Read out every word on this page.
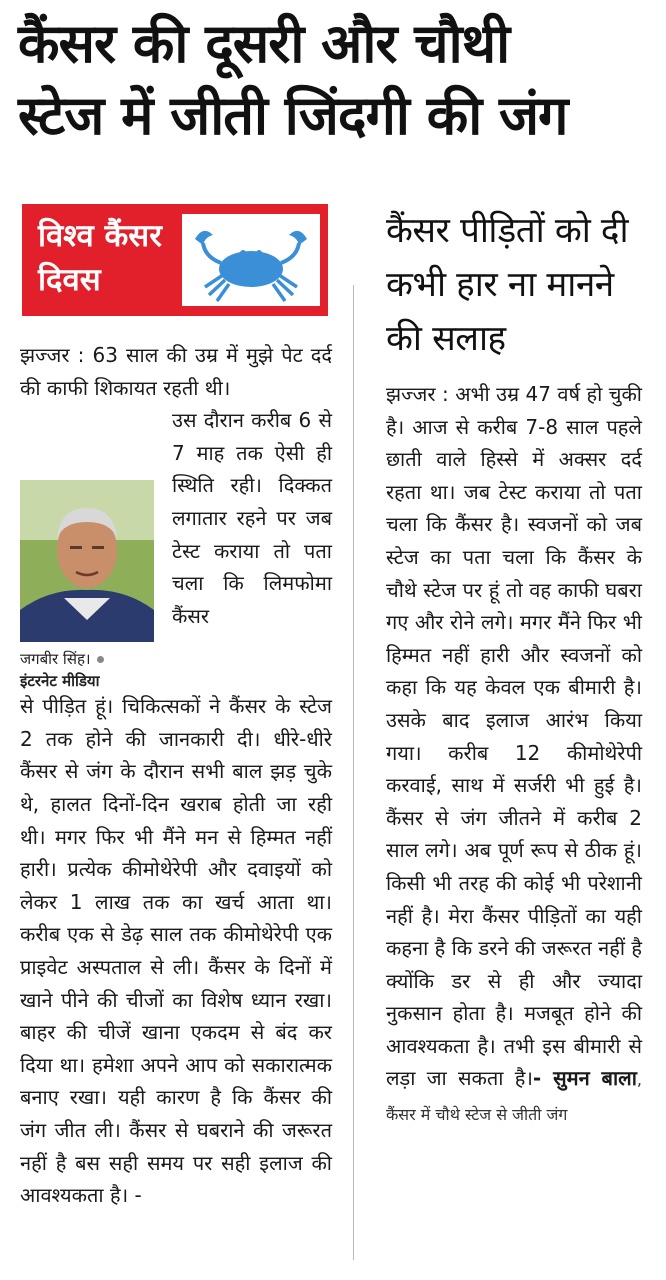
कैंसर की दूसरी और चौथी
स्टेज में जीती जिंदगी की जंग
विश्व कैंसर
दिवस

झज्जर : 63 साल की उम्र में मुझे पेट दर्द की काफी शिकायत रहती थी।

जगबीर सिंह।
इंटरनेट मीडिया

उस दौरान करीब 6 से 7 माह तक ऐसी ही स्थिति रही। दिक्कत लगातार रहने पर जब टेस्ट कराया तो पता चला कि लिमफोमा कैंसर

से पीड़ित हूं। चिकित्सकों ने कैंसर के स्टेज 2 तक होने की जानकारी दी। धीरे-धीरे कैंसर से जंग के दौरान सभी बाल झड़ चुके थे, हालत दिनों-दिन खराब होती जा रही थी। मगर फिर भी मैंने मन से हिम्मत नहीं हारी। प्रत्येक कीमोथेरेपी और दवाइयों को लेकर 1 लाख तक का खर्च आता था। करीब एक से डेढ़ साल तक कीमोथेरेपी एक प्राइवेट अस्पताल से ली। कैंसर के दिनों में खाने पीने की चीजों का विशेष ध्यान रखा। बाहर की चीजें खाना एकदम से बंद कर दिया था। हमेशा अपने आप को सकारात्मक बनाए रखा। यही कारण है कि कैंसर की जंग जीत ली। कैंसर से घबराने की जरूरत नहीं है बस सही समय पर सही इलाज की आवश्यकता है। -

कैंसर पीड़ितों को दी कभी हार ना मानने की सलाह

झज्जर : अभी उम्र 47 वर्ष हो चुकी है। आज से करीब 7-8 साल पहले छाती वाले हिस्से में अक्सर दर्द रहता था। जब टेस्ट कराया तो पता चला कि कैंसर है। स्वजनों को जब स्टेज का पता चला कि कैंसर के चौथे स्टेज पर हूं तो वह काफी घबरा गए और रोने लगे। मगर मैंने फिर भी हिम्मत नहीं हारी और स्वजनों को कहा कि यह केवल एक बीमारी है। उसके बाद इलाज आरंभ किया गया। करीब 12 कीमोथेरेपी करवाई, साथ में सर्जरी भी हुई है। कैंसर से जंग जीतने में करीब 2 साल लगे। अब पूर्ण रूप से ठीक हूं। किसी भी तरह की कोई भी परेशानी नहीं है। मेरा कैंसर पीड़ितों का यही कहना है कि डरने की जरूरत नहीं है क्योंकि डर से ही और ज्यादा नुकसान होता है। मजबूत होने की आवश्यकता है। तभी इस बीमारी से लड़ा जा सकता है।- सुमन बाला, कैंसर में चौथे स्टेज से जीती जंग
